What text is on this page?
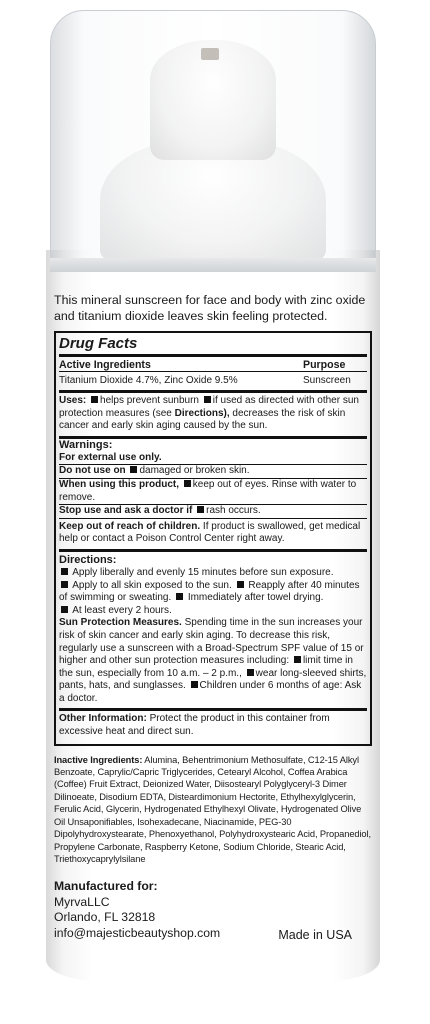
This mineral sunscreen for face and body with zinc oxide and titanium dioxide leaves skin feeling protected.

Drug Facts
Active Ingredients	Purpose
Titanium Dioxide 4.7%, Zinc Oxide 9.5%	Sunscreen
Uses: helps prevent sunburn if used as directed with other sun protection measures (see Directions), decreases the risk of skin cancer and early skin aging caused by the sun.
Warnings:
For external use only.
Do not use on damaged or broken skin.
When using this product, keep out of eyes. Rinse with water to remove.
Stop use and ask a doctor if rash occurs.
Keep out of reach of children. If product is swallowed, get medical help or contact a Poison Control Center right away.
Directions:
Apply liberally and evenly 15 minutes before sun exposure.
Apply to all skin exposed to the sun. Reapply after 40 minutes of swimming or sweating. Immediately after towel drying.
At least every 2 hours.
Sun Protection Measures. Spending time in the sun increases your risk of skin cancer and early skin aging. To decrease this risk, regularly use a sunscreen with a Broad-Spectrum SPF value of 15 or higher and other sun protection measures including: limit time in the sun, especially from 10 a.m. – 2 p.m., wear long-sleeved shirts, pants, hats, and sunglasses. Children under 6 months of age: Ask a doctor.
Other Information: Protect the product in this container from excessive heat and direct sun.
Inactive Ingredients: Alumina, Behentrimonium Methosulfate, C12-15 Alkyl Benzoate, Caprylic/Capric Triglycerides, Cetearyl Alcohol, Coffea Arabica (Coffee) Fruit Extract, Deionized Water, Diisostearyl Polyglyceryl-3 Dimer Dilinoeate, Disodium EDTA, Disteardimonium Hectorite, Ethylhexylglycerin, Ferulic Acid, Glycerin, Hydrogenated Ethylhexyl Olivate, Hydrogenated Olive Oil Unsaponifiables, Isohexadecane, Niacinamide, PEG-30 Dipolyhydroxystearate, Phenoxyethanol, Polyhydroxystearic Acid, Propanediol, Propylene Carbonate, Raspberry Ketone, Sodium Chloride, Stearic Acid, Triethoxycaprylylsilane
Manufactured for:
MyrvaLLC
Orlando, FL 32818
info@majesticbeautyshop.com	Made in USA
